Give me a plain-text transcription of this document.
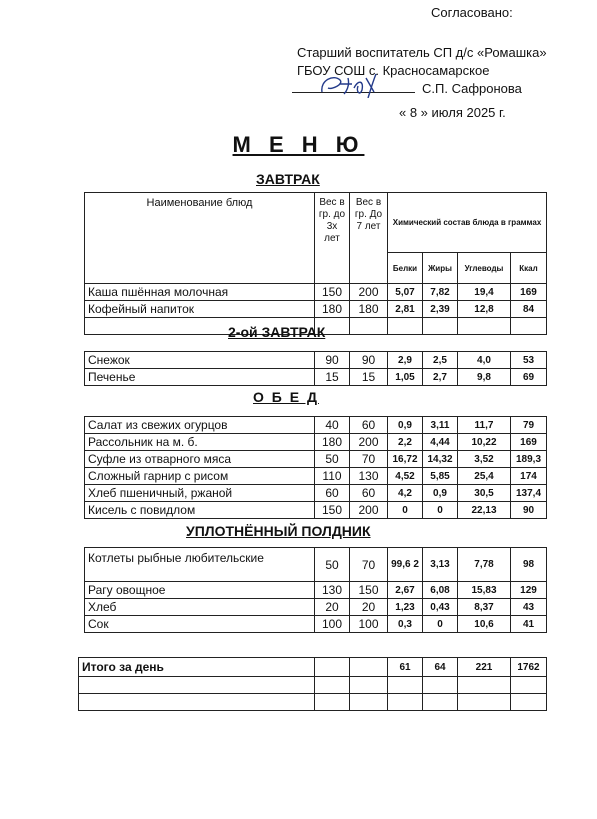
Согласовано:
Старший воспитатель СП д/с «Ромашка»
ГБОУ СОШ с. Красносамарское
С.П. Сафронова
« 8 » июля 2025 г.
М Е Н Ю
ЗАВТРАК
Наименование блюд	Вес в гр. до 3х лет	Вес в гр. До 7 лет	Химический состав блюда в граммах			
			Белки	Жиры	Углеводы	Ккал
Каша пшённая молочная	150	200	5,07	7,82	19,4	169
Кофейный напиток	180	180	2,81	2,39	12,8	84

2-ой ЗАВТРАК
Снежок	90	90	2,9	2,5	4,0	53
Печенье	15	15	1,05	2,7	9,8	69
О Б Е Д
Салат из свежих огурцов	40	60	0,9	3,11	11,7	79
Рассольник на м. б.	180	200	2,2	4,44	10,22	169
Суфле из отварного мяса	50	70	16,72	14,32	3,52	189,3
Сложный гарнир с рисом	110	130	4,52	5,85	25,4	174
Хлеб пшеничный, ржаной	60	60	4,2	0,9	30,5	137,4
Кисель с повидлом	150	200	0	0	22,13	90
УПЛОТНЁННЫЙ ПОЛДНИК
Котлеты рыбные любительские	50	70	99,6 2	3,13	7,78	98
Рагу овощное	130	150	2,67	6,08	15,83	129
Хлеб	20	20	1,23	0,43	8,37	43
Сок	100	100	0,3	0	10,6	41
Итого за день			61	64	221	1762
